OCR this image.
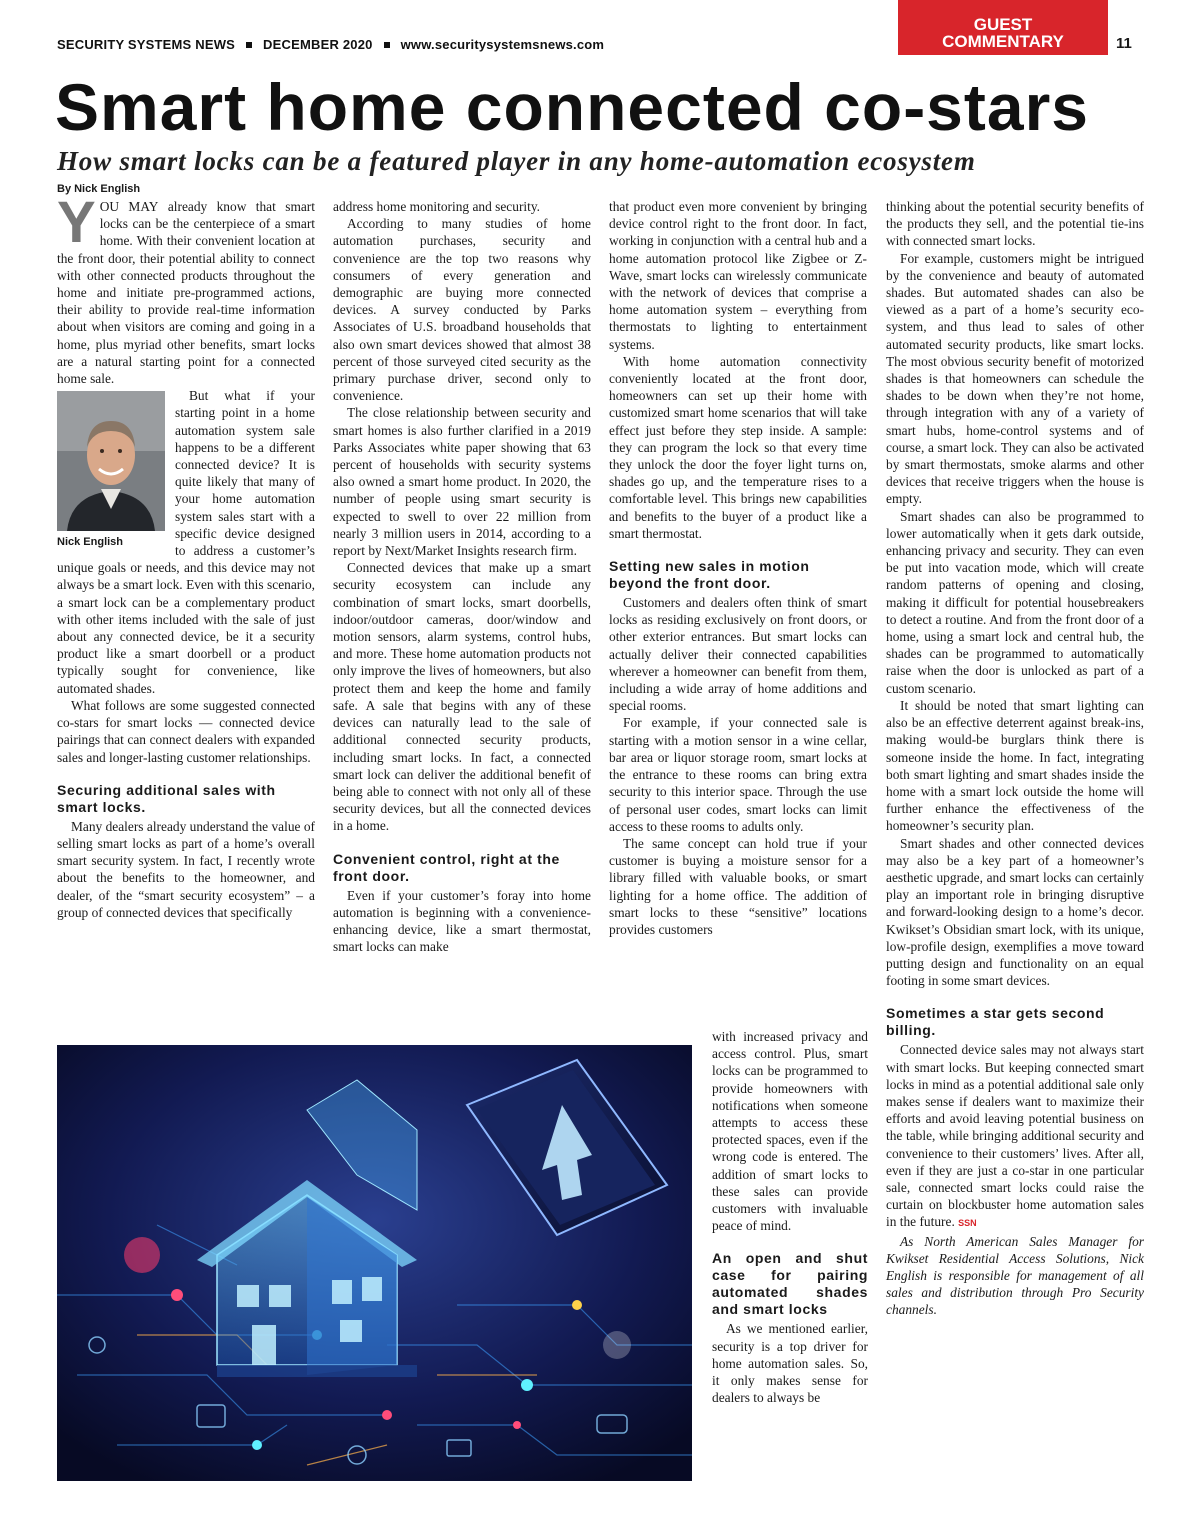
SECURITY SYSTEMS NEWS DECEMBER 2020 www.securitysystemsnews.com
GUEST
COMMENTARY	11
Smart home connected co-stars
How smart locks can be a featured player in any home-automation ecosystem
By Nick English

YOU MAY already know that smart locks can be the centerpiece of a smart home. With their convenient location at the front door, their potential ability to connect with other connected products throughout the home and initiate pre-programmed actions, their ability to provide real-time information about when visitors are coming and going in a home, plus myriad other benefits, smart locks are a natural starting point for a connected home sale.

Nick English

But what if your starting point in a home automation system sale happens to be a different connected device? It is quite likely that many of your home automation system sales start with a specific device designed to address a customer’s unique goals or needs, and this device may not always be a smart lock. Even with this scenario, a smart lock can be a complementary product with other items included with the sale of just about any connected device, be it a security product like a smart doorbell or a product typically sought for convenience, like automated shades.

What follows are some suggested connected co-stars for smart locks — connected device pairings that can connect dealers with expanded sales and longer-lasting customer relationships.

Securing additional sales with smart locks.

Many dealers already understand the value of selling smart locks as part of a home’s overall smart security system. In fact, I recently wrote about the benefits to the homeowner, and dealer, of the “smart security ecosystem” – a group of connected devices that specifically

address home monitoring and security.

According to many studies of home automation purchases, security and convenience are the top two reasons why consumers of every generation and demographic are buying more connected devices. A survey conducted by Parks Associates of U.S. broadband households that also own smart devices showed that almost 38 percent of those surveyed cited security as the primary purchase driver, second only to convenience.

The close relationship between security and smart homes is also further clarified in a 2019 Parks Associates white paper showing that 63 percent of households with security systems also owned a smart home product. In 2020, the number of people using smart security is expected to swell to over 22 million from nearly 3 million users in 2014, according to a report by Next/Market Insights research firm.

Connected devices that make up a smart security ecosystem can include any combination of smart locks, smart doorbells, indoor/outdoor cameras, door/window and motion sensors, alarm systems, control hubs, and more. These home automation products not only improve the lives of homeowners, but also protect them and keep the home and family safe. A sale that begins with any of these devices can naturally lead to the sale of additional connected security products, including smart locks. In fact, a connected smart lock can deliver the additional benefit of being able to connect with not only all of these security devices, but all the connected devices in a home.

Convenient control, right at the front door.

Even if your customer’s foray into home automation is beginning with a convenience-enhancing device, like a smart thermostat, smart locks can make

that product even more convenient by bringing device control right to the front door. In fact, working in conjunction with a central hub and a home automation protocol like Zigbee or Z-Wave, smart locks can wirelessly communicate with the network of devices that comprise a home automation system – everything from thermostats to lighting to entertainment systems.

With home automation connectivity conveniently located at the front door, homeowners can set up their home with customized smart home scenarios that will take effect just before they step inside. A sample: they can program the lock so that every time they unlock the door the foyer light turns on, shades go up, and the temperature rises to a comfortable level. This brings new capabilities and benefits to the buyer of a product like a smart thermostat.

Setting new sales in motion beyond the front door.

Customers and dealers often think of smart locks as residing exclusively on front doors, or other exterior entrances. But smart locks can actually deliver their connected capabilities wherever a homeowner can benefit from them, including a wide array of home additions and special rooms.

For example, if your connected sale is starting with a motion sensor in a wine cellar, bar area or liquor storage room, smart locks at the entrance to these rooms can bring extra security to this interior space. Through the use of personal user codes, smart locks can limit access to these rooms to adults only.

The same concept can hold true if your customer is buying a moisture sensor for a library filled with valuable books, or smart lighting for a home office. The addition of smart locks to these “sensitive” locations provides customers

with increased privacy and access control. Plus, smart locks can be programmed to provide homeowners with notifications when someone attempts to access these protected spaces, even if the wrong code is entered. The addition of smart locks to these sales can provide customers with invaluable peace of mind.

An open and shut case for pairing automated shades and smart locks

As we mentioned earlier, security is a top driver for home automation sales. So, it only makes sense for dealers to always be

thinking about the potential security benefits of the products they sell, and the potential tie-ins with connected smart locks.

For example, customers might be intrigued by the convenience and beauty of automated shades. But automated shades can also be viewed as a part of a home’s security eco-system, and thus lead to sales of other automated security products, like smart locks. The most obvious security benefit of motorized shades is that homeowners can schedule the shades to be down when they’re not home, through integration with any of a variety of smart hubs, home-control systems and of course, a smart lock. They can also be activated by smart thermostats, smoke alarms and other devices that receive triggers when the house is empty.

Smart shades can also be programmed to lower automatically when it gets dark outside, enhancing privacy and security. They can even be put into vacation mode, which will create random patterns of opening and closing, making it difficult for potential housebreakers to detect a routine. And from the front door of a home, using a smart lock and central hub, the shades can be programmed to automatically raise when the door is unlocked as part of a custom scenario.

It should be noted that smart lighting can also be an effective deterrent against break-ins, making would-be burglars think there is someone inside the home. In fact, integrating both smart lighting and smart shades inside the home with a smart lock outside the home will further enhance the effectiveness of the homeowner’s security plan.

Smart shades and other connected devices may also be a key part of a homeowner’s aesthetic upgrade, and smart locks can certainly play an important role in bringing disruptive and forward-looking design to a home’s decor. Kwikset’s Obsidian smart lock, with its unique, low-profile design, exemplifies a move toward putting design and functionality on an equal footing in some smart devices.

Sometimes a star gets second billing.

Connected device sales may not always start with smart locks. But keeping connected smart locks in mind as a potential additional sale only makes sense if dealers want to maximize their efforts and avoid leaving potential business on the table, while bringing additional security and convenience to their customers’ lives. After all, even if they are just a co-star in one particular sale, connected smart locks could raise the curtain on blockbuster home automation sales in the future. SSN

As North American Sales Manager for Kwikset Residential Access Solutions, Nick English is responsible for management of all sales and distribution through Pro Security channels.
